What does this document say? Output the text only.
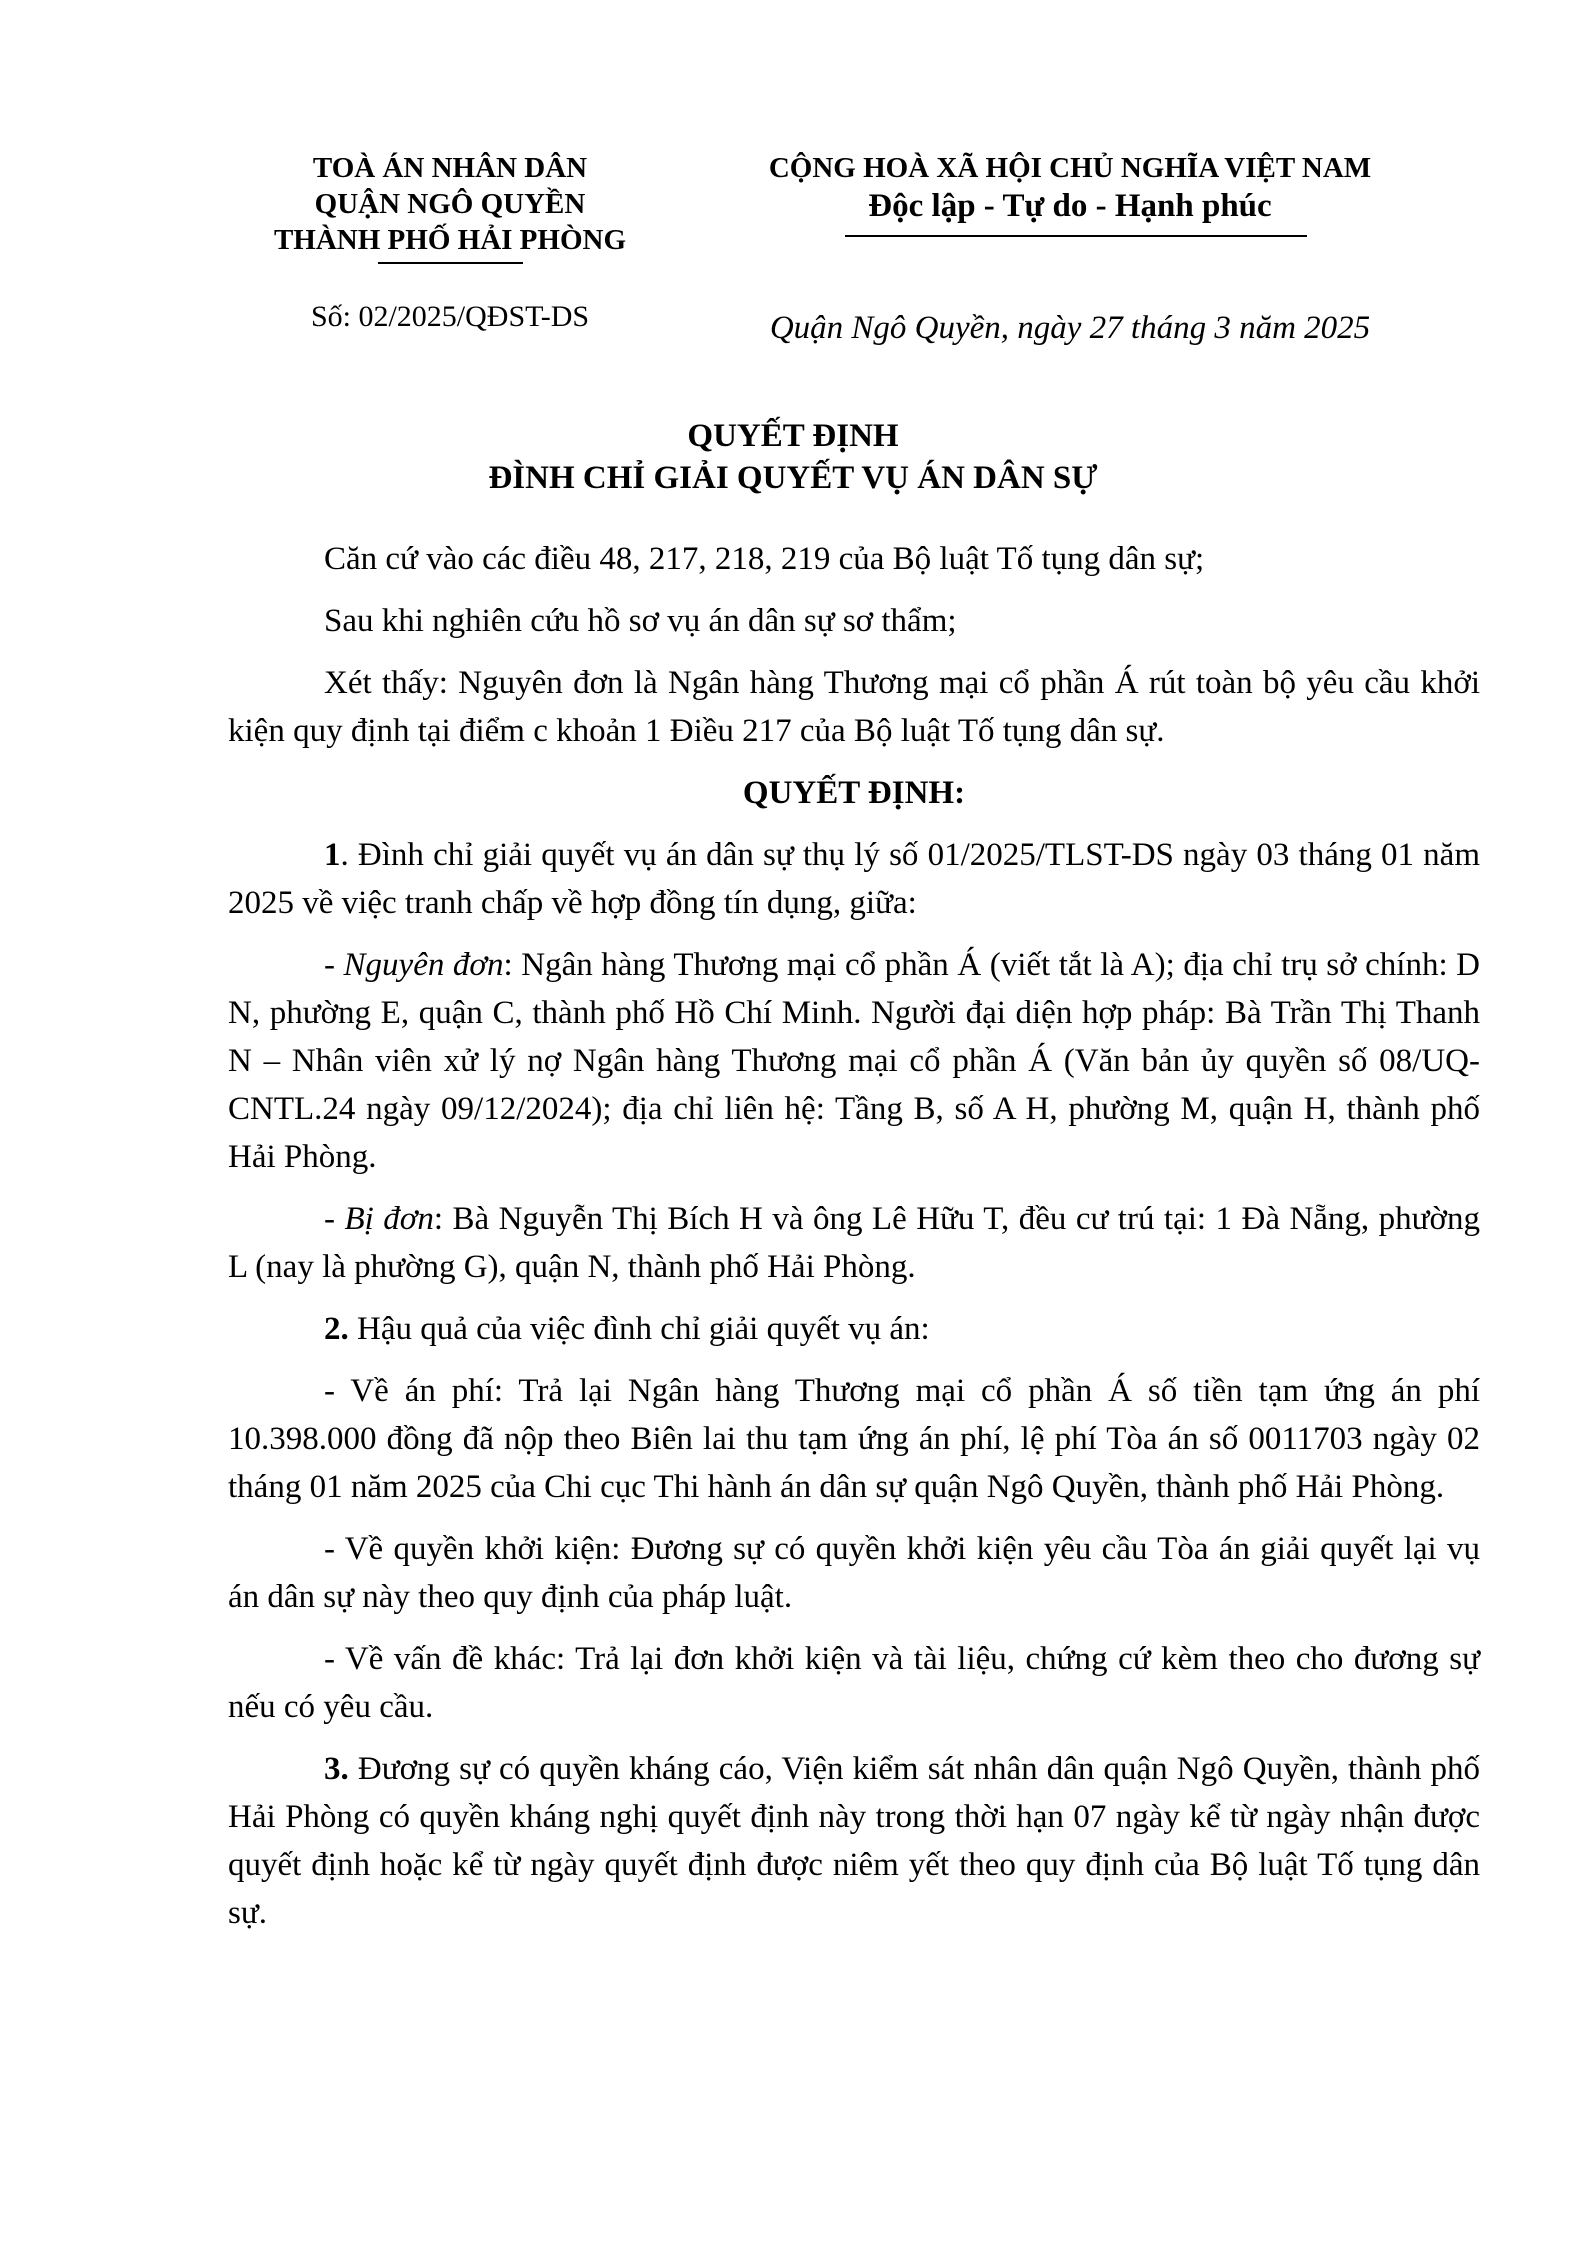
TOÀ ÁN NHÂN DÂN
QUẬN NGÔ QUYỀN
THÀNH PHỐ HẢI PHÒNG
CỘNG HOÀ XÃ HỘI CHỦ NGHĨA VIỆT NAM
Độc lập - Tự do - Hạnh phúc
Số: 02/2025/QĐST-DS	Quận Ngô Quyền, ngày 27 tháng 3 năm 2025
QUYẾT ĐỊNH
ĐÌNH CHỈ GIẢI QUYẾT VỤ ÁN DÂN SỰ

Căn cứ vào các điều 48, 217, 218, 219 của Bộ luật Tố tụng dân sự;

Sau khi nghiên cứu hồ sơ vụ án dân sự sơ thẩm;

Xét thấy: Nguyên đơn là Ngân hàng Thương mại cổ phần Á rút toàn bộ yêu cầu khởi kiện quy định tại điểm c khoản 1 Điều 217 của Bộ luật Tố tụng dân sự.

QUYẾT ĐỊNH:

1. Đình chỉ giải quyết vụ án dân sự thụ lý số 01/2025/TLST-DS ngày 03 tháng 01 năm 2025 về việc tranh chấp về hợp đồng tín dụng, giữa:

- Nguyên đơn: Ngân hàng Thương mại cổ phần Á (viết tắt là A); địa chỉ trụ sở chính: D N, phường E, quận C, thành phố Hồ Chí Minh. Người đại diện hợp pháp: Bà Trần Thị Thanh N – Nhân viên xử lý nợ Ngân hàng Thương mại cổ phần Á (Văn bản ủy quyền số 08/UQ-CNTL.24 ngày 09/12/2024); địa chỉ liên hệ: Tầng B, số A H, phường M, quận H, thành phố Hải Phòng.

- Bị đơn: Bà Nguyễn Thị Bích H và ông Lê Hữu T, đều cư trú tại: 1 Đà Nẵng, phường L (nay là phường G), quận N, thành phố Hải Phòng.

2. Hậu quả của việc đình chỉ giải quyết vụ án:

- Về án phí: Trả lại Ngân hàng Thương mại cổ phần Á số tiền tạm ứng án phí 10.398.000 đồng đã nộp theo Biên lai thu tạm ứng án phí, lệ phí Tòa án số 0011703 ngày 02 tháng 01 năm 2025 của Chi cục Thi hành án dân sự quận Ngô Quyền, thành phố Hải Phòng.

- Về quyền khởi kiện: Đương sự có quyền khởi kiện yêu cầu Tòa án giải quyết lại vụ án dân sự này theo quy định của pháp luật.

- Về vấn đề khác: Trả lại đơn khởi kiện và tài liệu, chứng cứ kèm theo cho đương sự nếu có yêu cầu.

3. Đương sự có quyền kháng cáo, Viện kiểm sát nhân dân quận Ngô Quyền, thành phố Hải Phòng có quyền kháng nghị quyết định này trong thời hạn 07 ngày kể từ ngày nhận được quyết định hoặc kể từ ngày quyết định được niêm yết theo quy định của Bộ luật Tố tụng dân sự.
